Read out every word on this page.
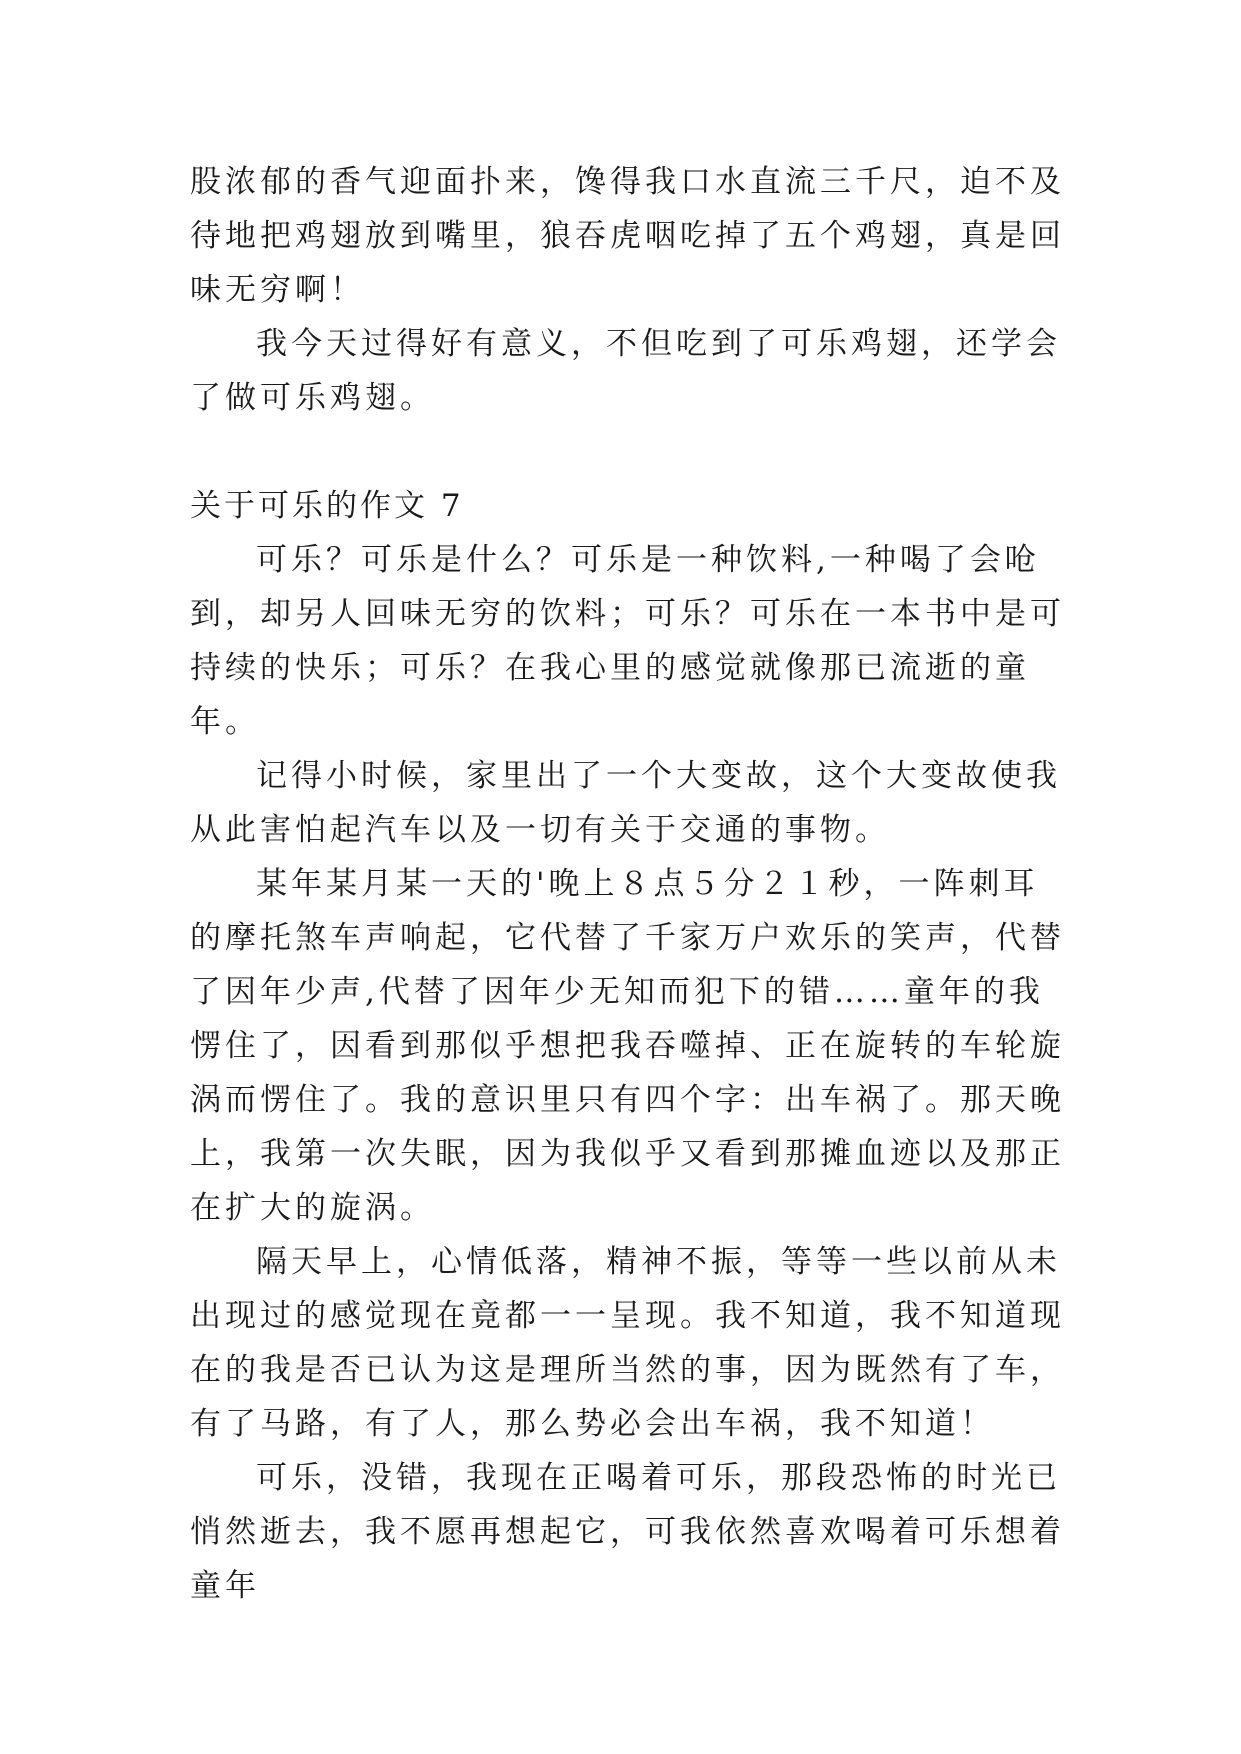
股浓郁的香气迎面扑来，馋得我口水直流三千尺，迫不及待地把鸡翅放到嘴里，狼吞虎咽吃掉了五个鸡翅，真是回味无穷啊！

我今天过得好有意义，不但吃到了可乐鸡翅，还学会了做可乐鸡翅。

关于可乐的作文 7

可乐？可乐是什么？可乐是一种饮料,一种喝了会呛到，却另人回味无穷的饮料；可乐？可乐在一本书中是可持续的快乐；可乐？在我心里的感觉就像那已流逝的童年。

记得小时候，家里出了一个大变故，这个大变故使我从此害怕起汽车以及一切有关于交通的事物。

某年某月某一天的'晚上８点５分２１秒，一阵刺耳的摩托煞车声响起，它代替了千家万户欢乐的笑声，代替了因年少声,代替了因年少无知而犯下的错……童年的我愣住了，因看到那似乎想把我吞噬掉、正在旋转的车轮旋涡而愣住了。我的意识里只有四个字：出车祸了。那天晚上，我第一次失眠，因为我似乎又看到那摊血迹以及那正在扩大的旋涡。

隔天早上，心情低落，精神不振，等等一些以前从未出现过的感觉现在竟都一一呈现。我不知道，我不知道现在的我是否已认为这是理所当然的事，因为既然有了车，有了马路，有了人，那么势必会出车祸，我不知道！

可乐，没错，我现在正喝着可乐，那段恐怖的时光已悄然逝去，我不愿再想起它，可我依然喜欢喝着可乐想着童年
